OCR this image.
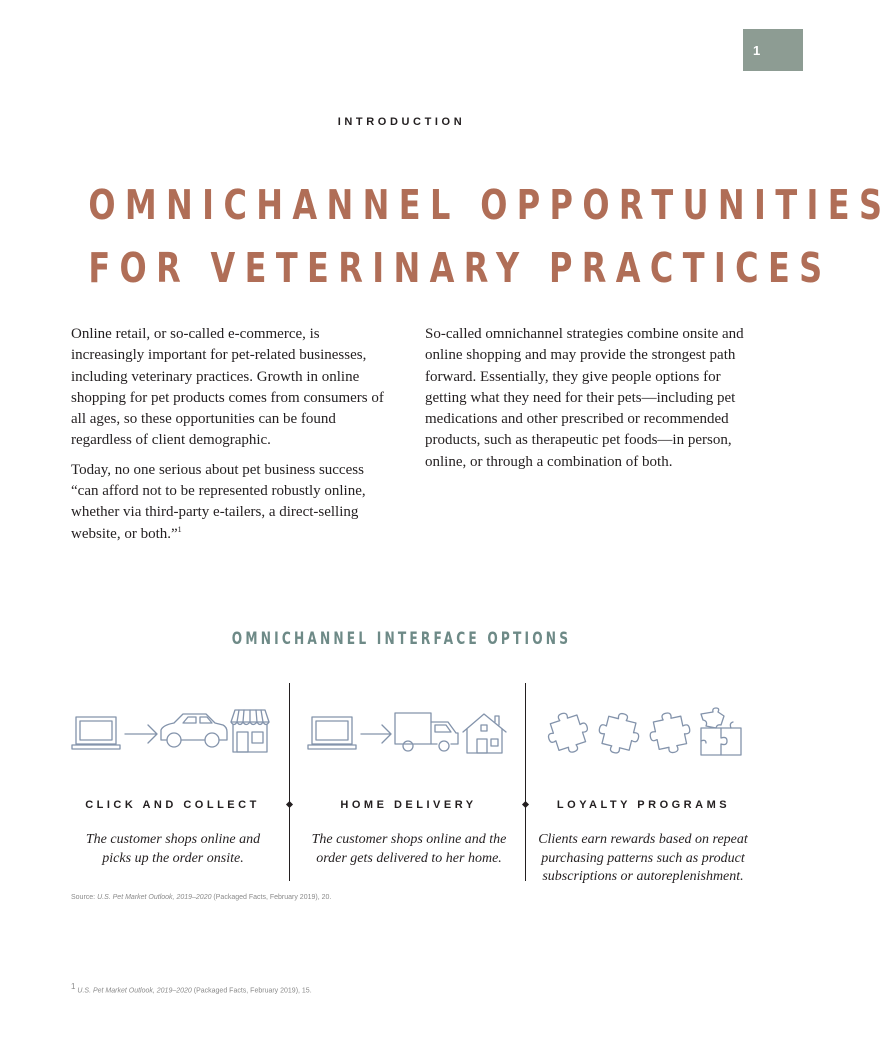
1
INTRODUCTION
OMNICHANNEL OPPORTUNITIES
FOR VETERINARY PRACTICES

Online retail, or so-called e-commerce, is increasingly important for pet-related businesses, including veterinary practices. Growth in online shopping for pet products comes from consumers of all ages, so these opportunities can be found regardless of client demographic.

Today, no one serious about pet business success “can afford not to be represented robustly online, whether via third-party e-tailers, a direct-selling website, or both.”$^1$

So-called omnichannel strategies combine onsite and online shopping and may provide the strongest path forward. Essentially, they give people options for getting what they need for their pets—including pet medications and other prescribed or recommended products, such as therapeutic pet foods—in person, online, or through a combination of both.

OMNICHANNEL INTERFACE OPTIONS
CLICK AND COLLECT	HOME DELIVERY	LOYALTY PROGRAMS
The customer shops online and picks up the order onsite.
The customer shops online and the order gets delivered to her home.
Clients earn rewards based on repeat purchasing patterns such as product subscriptions or autoreplenishment.
Source: U.S. Pet Market Outlook, 2019–2020 (Packaged Facts, February 2019), 20.
$^1$ U.S. Pet Market Outlook, 2019–2020 (Packaged Facts, February 2019), 15.
